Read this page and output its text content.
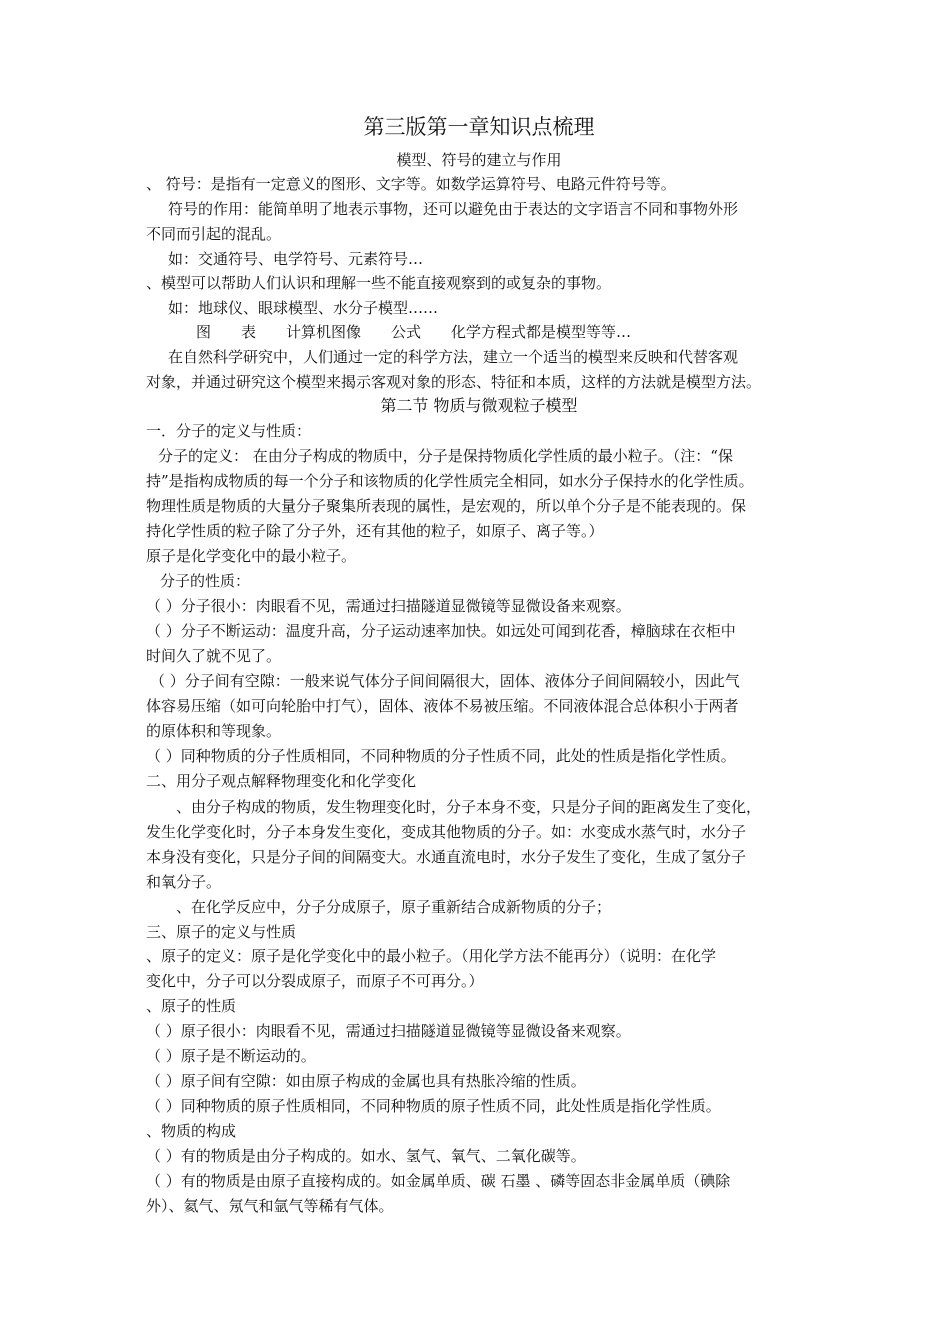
第三版第一章知识点梳理
模型、符号的建立与作用
、 符号：是指有一定意义的图形、文字等。如数学运算符号、电路元件符号等。
符号的作用：能简单明了地表示事物，还可以避免由于表达的文字语言不同和事物外形
不同而引起的混乱。
如：交通符号、电学符号、元素符号…
、模型可以帮助人们认识和理解一些不能直接观察到的或复杂的事物。
如：地球仪、眼球模型、水分子模型……
图　　表　　计算机图像　　公式　　化学方程式都是模型等等…
在自然科学研究中，人们通过一定的科学方法，建立一个适当的模型来反映和代替客观
对象，并通过研究这个模型来揭示客观对象的形态、特征和本质，这样的方法就是模型方法。
第二节 物质与微观粒子模型
一．分子的定义与性质：
分子的定义： 在由分子构成的物质中，分子是保持物质化学性质的最小粒子。（注：“保
持”是指构成物质的每一个分子和该物质的化学性质完全相同，如水分子保持水的化学性质。
物理性质是物质的大量分子聚集所表现的属性，是宏观的，所以单个分子是不能表现的。保
持化学性质的粒子除了分子外，还有其他的粒子，如原子、离子等。）
原子是化学变化中的最小粒子。
分子的性质：
（ ）分子很小：肉眼看不见，需通过扫描隧道显微镜等显微设备来观察。
（ ）分子不断运动：温度升高，分子运动速率加快。如远处可闻到花香，樟脑球在衣柜中
时间久了就不见了。
（ ）分子间有空隙：一般来说气体分子间间隔很大，固体、液体分子间间隔较小，因此气
体容易压缩（如可向轮胎中打气），固体、液体不易被压缩。不同液体混合总体积小于两者
的原体积和等现象。
（ ）同种物质的分子性质相同，不同种物质的分子性质不同，此处的性质是指化学性质。
二、用分子观点解释物理变化和化学变化
、由分子构成的物质，发生物理变化时，分子本身不变，只是分子间的距离发生了变化，
发生化学变化时，分子本身发生变化，变成其他物质的分子。如：水变成水蒸气时，水分子
本身没有变化，只是分子间的间隔变大。水通直流电时，水分子发生了变化，生成了氢分子
和氧分子。
、在化学反应中，分子分成原子，原子重新结合成新物质的分子；
三、原子的定义与性质
、原子的定义：原子是化学变化中的最小粒子。（用化学方法不能再分）（说明：在化学
变化中，分子可以分裂成原子，而原子不可再分。）
、原子的性质
（ ）原子很小：肉眼看不见，需通过扫描隧道显微镜等显微设备来观察。
（ ）原子是不断运动的。
（ ）原子间有空隙：如由原子构成的金属也具有热胀冷缩的性质。
（ ）同种物质的原子性质相同，不同种物质的原子性质不同，此处性质是指化学性质。
、物质的构成
（ ）有的物质是由分子构成的。如水、氢气、氧气、二氧化碳等。
（ ）有的物质是由原子直接构成的。如金属单质、碳 石墨 、磷等固态非金属单质（碘除
外）、氦气、氖气和氩气等稀有气体。
